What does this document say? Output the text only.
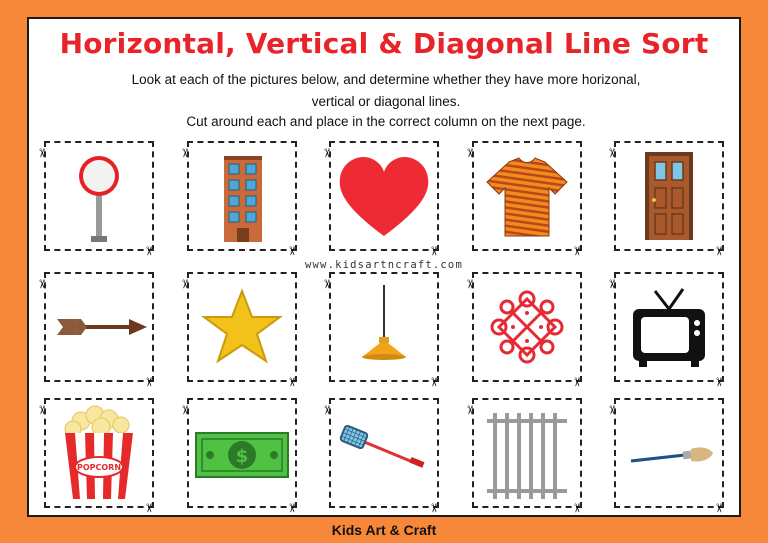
Horizontal, Vertical & Diagonal Line Sort
Look at each of the pictures below, and determine whether they have more horizonal,
vertical or diagonal lines.
Cut around each and place in the correct column on the next page.
✂
✂
✂
✂
✂
✂
✂
✂
✂
✂
www.kidsartncraft.com
✂
✂
✂
✂
✂
✂
✂
✂
✂
✂
✂
POPCORN
✂
✂
$
✂
✂
✂
✂
✂
✂
✂
Kids Art & Craft
